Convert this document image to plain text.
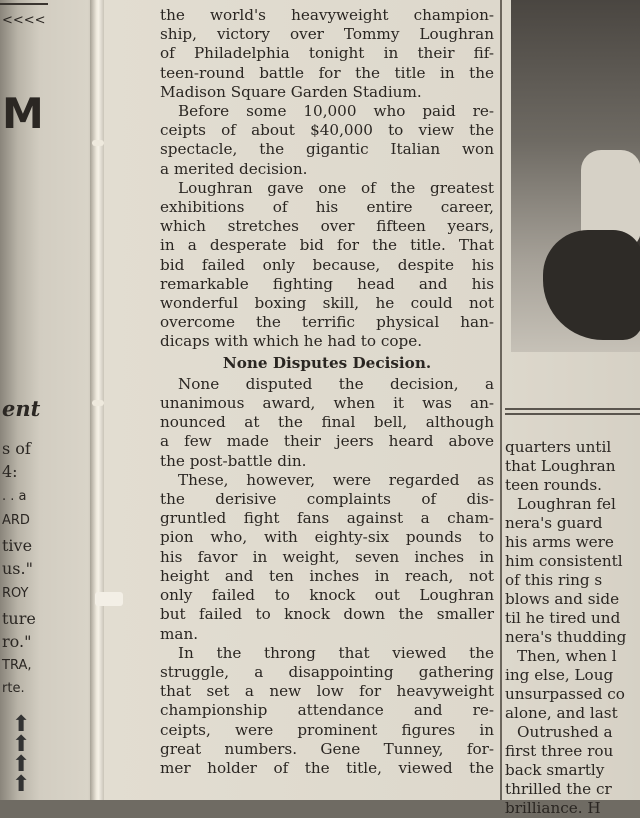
<<<<
M
ent
s of
4:
. . a
ARD
tive
us."
ROY
ture
ro."
TRA,
rte.
⬆
⬆
⬆
⬆
the world's heavyweight champion-
ship, victory over Tommy Loughran
of Philadelphia tonight in their fif-
teen-round battle for the title in the
Madison Square Garden Stadium.
Before some 10,000 who paid re-
ceipts of about $40,000 to view the
spectacle, the gigantic Italian won
a merited decision.
Loughran gave one of the greatest
exhibitions of his entire career,
which stretches over fifteen years,
in a desperate bid for the title. That
bid failed only because, despite his
remarkable fighting head and his
wonderful boxing skill, he could not
overcome the terrific physical han-
dicaps with which he had to cope.
None Disputes Decision.
None disputed the decision, a
unanimous award, when it was an-
nounced at the final bell, although
a few made their jeers heard above
the post-battle din.
These, however, were regarded as
the derisive complaints of dis-
gruntled fight fans against a cham-
pion who, with eighty-six pounds to
his favor in weight, seven inches in
height and ten inches in reach, not
only failed to knock out Loughran
but failed to knock down the smaller
man.
In the throng that viewed the
struggle, a disappointing gathering
that set a new low for heavyweight
championship attendance and re-
ceipts, were prominent figures in
great numbers. Gene Tunney, for-
mer holder of the title, viewed the
quarters until
that Loughran
teen rounds.
Loughran fel
nera's guard
his arms were
him consistentl
of this ring s
blows and side
til he tired und
nera's thudding
Then, when l
ing else, Loug
unsurpassed co
alone, and last
Outrushed a
first three rou
back smartly
thrilled the cr
brilliance. H
